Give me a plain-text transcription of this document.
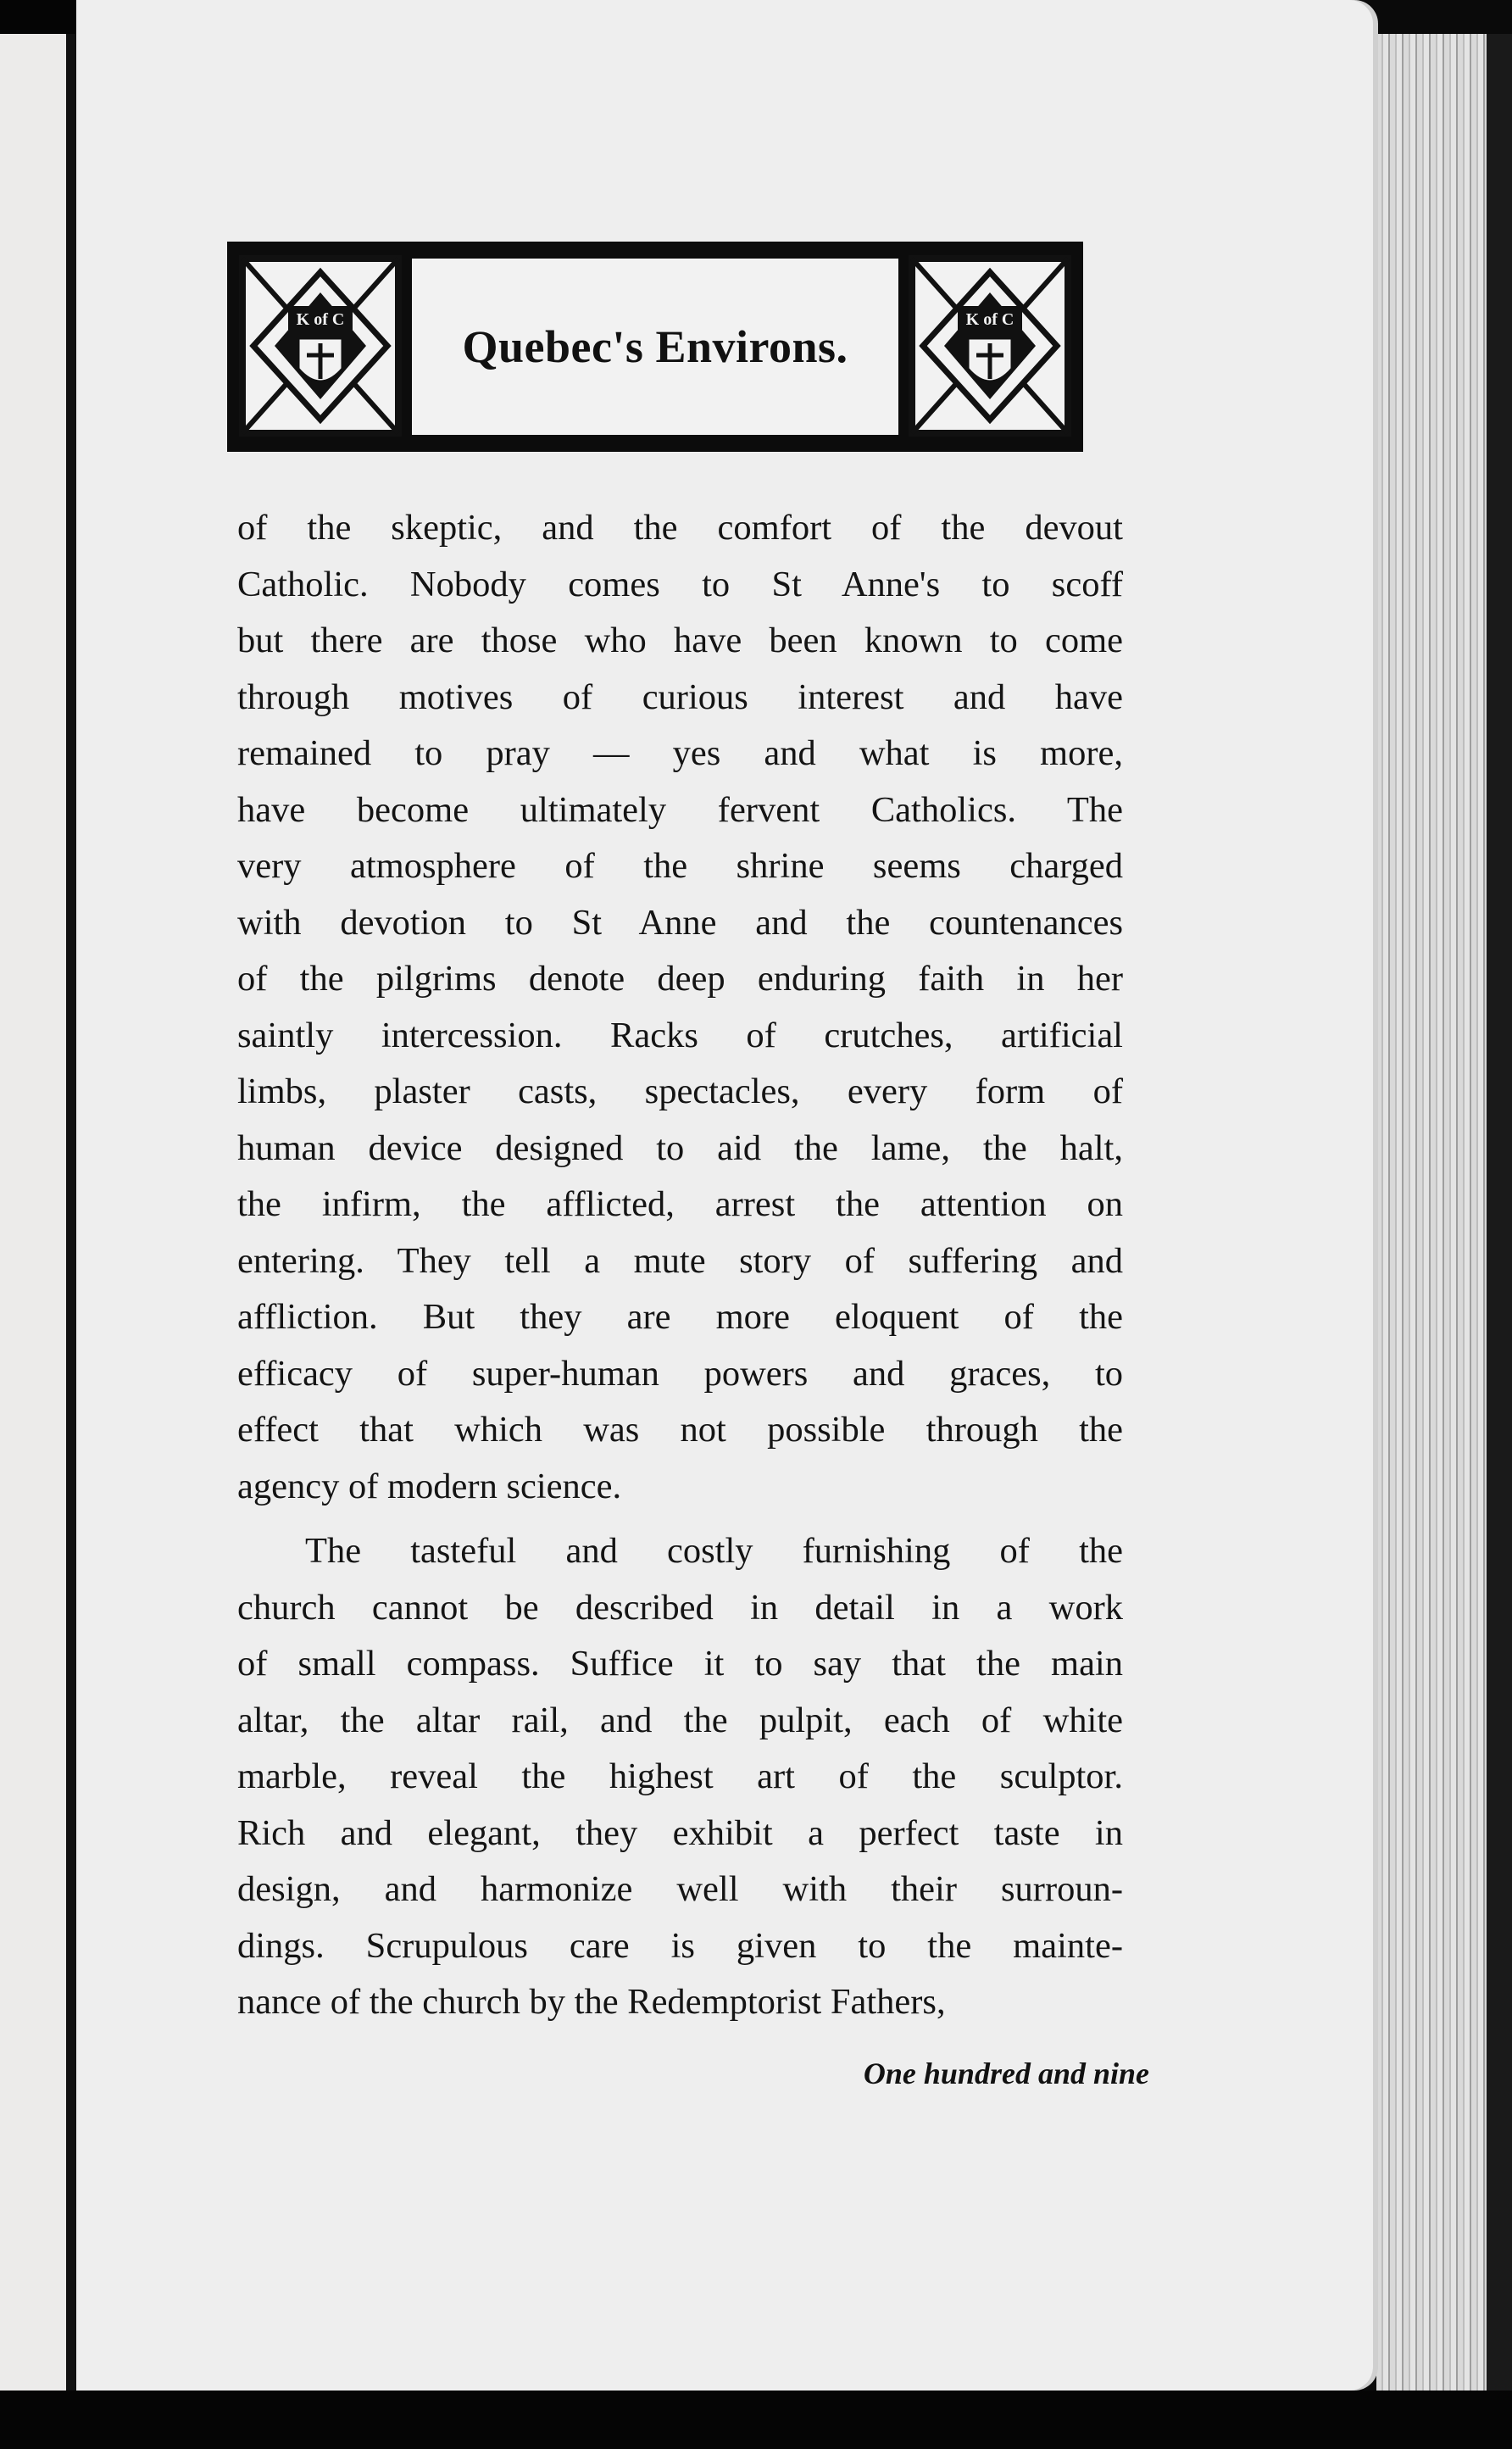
K of C
Quebec's Environs.
K of C

of the skeptic, and the comfort of the devout
Catholic. Nobody comes to St Anne's to scoff
but there are those who have been known to come
through motives of curious interest and have
remained to pray — yes and what is more,
have become ultimately fervent Catholics. The
very atmosphere of the shrine seems charged
with devotion to St Anne and the countenances
of the pilgrims denote deep enduring faith in her
saintly intercession. Racks of crutches, artificial
limbs, plaster casts, spectacles, every form of
human device designed to aid the lame, the halt,
the infirm, the afflicted, arrest the attention on
entering. They tell a mute story of suffering and
affliction. But they are more eloquent of the
efficacy of super-human powers and graces, to
effect that which was not possible through the
agency of modern science.

The tasteful and costly furnishing of the
church cannot be described in detail in a work
of small compass. Suffice it to say that the main
altar, the altar rail, and the pulpit, each of white
marble, reveal the highest art of the sculptor.
Rich and elegant, they exhibit a perfect taste in
design, and harmonize well with their surroun-
dings. Scrupulous care is given to the mainte-
nance of the church by the Redemptorist Fathers,

One hundred and nine
